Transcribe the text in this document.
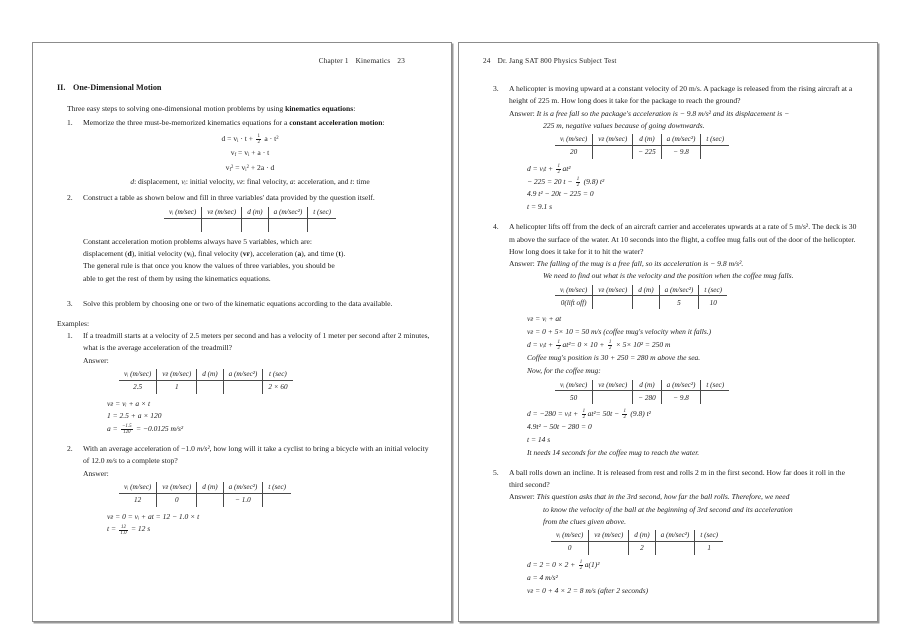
Chapter 1 Kinematics 23
II. One-Dimensional Motion
Three easy steps to solving one-dimensional motion problems by using kinematics equations:
1.	Memorize the three must-be-memorized kinematics equations for a constant acceleration motion:
$d = v_i \cdot t + \frac{1}{2}$ $a \cdot t^2$
$v_f = v_i + a \cdot t$
$v_f^2 = v_i^2 + 2a \cdot d$
d: displacement, vᵢ: initial velocity, vғ: final velocity, a: acceleration, and t: time
2.	Construct a table as shown below and fill in three variables' data provided by the question itself.
vᵢ (m/sec)	vғ (m/sec)	d (m)	a (m/sec²)	t (sec)

Constant acceleration motion problems always have 5 variables, which are:
displacement (d), initial velocity (vᵢ), final velocity (vғ), acceleration (a), and time (t).
The general rule is that once you know the values of three variables, you should be
able to get the rest of them by using the kinematics equations.
3.	Solve this problem by choosing one or two of the kinematic equations according to the data available.
Examples:
1.	If a treadmill starts at a velocity of 2.5 meters per second and has a velocity of 1 meter per second after 2 minutes, what is the average acceleration of the treadmill?
Answer:
vᵢ (m/sec)	vғ (m/sec)	d (m)	a (m/sec²)	t (sec)
2.5	1			2 × 60
vғ = vᵢ + a × t
1 = 2.5 + a × 120
$a = \frac{-1.5}{120} = -0.0125$ m/s²
2.	With an average acceleration of −1.0 m/s², how long will it take a cyclist to bring a bicycle with an initial velocity of 12.0 m/s to a complete stop?
Answer:
vᵢ (m/sec)	vғ (m/sec)	d (m)	a (m/sec²)	t (sec)
12	0		− 1.0	
vғ = 0 = vᵢ + at = 12 − 1.0 × t
$t = \frac{12}{1.0} = 12$ s
24 Dr. Jang SAT 800 Physics Subject Test
3.	A helicopter is moving upward at a constant velocity of 20 m/s. A package is released from the rising aircraft at a height of 225 m. How long does it take for the package to reach the ground?
Answer: It is a free fall so the package's acceleration is − 9.8 m/s² and its displacement is −
225 m, negative values because of going downwards.
vᵢ (m/sec)	vғ (m/sec)	d (m)	a (m/sec²)	t (sec)
20		− 225	− 9.8	
d = vᵢt + $\frac{1}{2} at^2$
− 225 = 20 $t - \frac{1}{2} (9.8)$ t²
4.9 t² − 20t − 225 = 0
t = 9.1 s
4.	A helicopter lifts off from the deck of an aircraft carrier and accelerates upwards at a rate of 5 m/s². The deck is 30 m above the surface of the water. At 10 seconds into the flight, a coffee mug falls out of the door of the helicopter. How long does it take for it to hit the water?
Answer: The falling of the mug is a free fall, so its acceleration is − 9.8 m/s².
We need to find out what is the velocity and the position when the coffee mug falls.
vᵢ (m/sec)	vғ (m/sec)	d (m)	a (m/sec²)	t (sec)
0(lift off)			5	10
vғ = vᵢ + at
vғ = 0 + 5× 10 = 50 m/s (coffee mug's velocity when it falls.)
d = vᵢt + $\frac{1}{2} at^2= 0 \times 10 + \frac{1}{2} \times 5\times 10^2 = 250$ m
Coffee mug's position is 30 + 250 = 280 m above the sea.
Now, for the coffee mug:
vᵢ (m/sec)	vғ (m/sec)	d (m)	a (m/sec²)	t (sec)
50		− 280	− 9.8	
d = −280 = vᵢt + $\frac{1}{2} at^2= 50t - \frac{1}{2} (9.8)$ t²
4.9t² − 50t − 280 = 0
t = 14 s
It needs 14 seconds for the coffee mug to reach the water.
5.	A ball rolls down an incline. It is released from rest and rolls 2 m in the first second. How far does it roll in the third second?
Answer: This question asks that in the 3rd second, how far the ball rolls. Therefore, we need
to know the velocity of the ball at the beginning of 3rd second and its acceleration
from the clues given above.
vᵢ (m/sec)	vғ (m/sec)	d (m)	a (m/sec²)	t (sec)
0		2		1
$d = 2 = 0 \times 2 + \frac{1}{2} a(1)^2$
a = 4 m/s²
vғ = 0 + 4 × 2 = 8 m/s (after 2 seconds)
